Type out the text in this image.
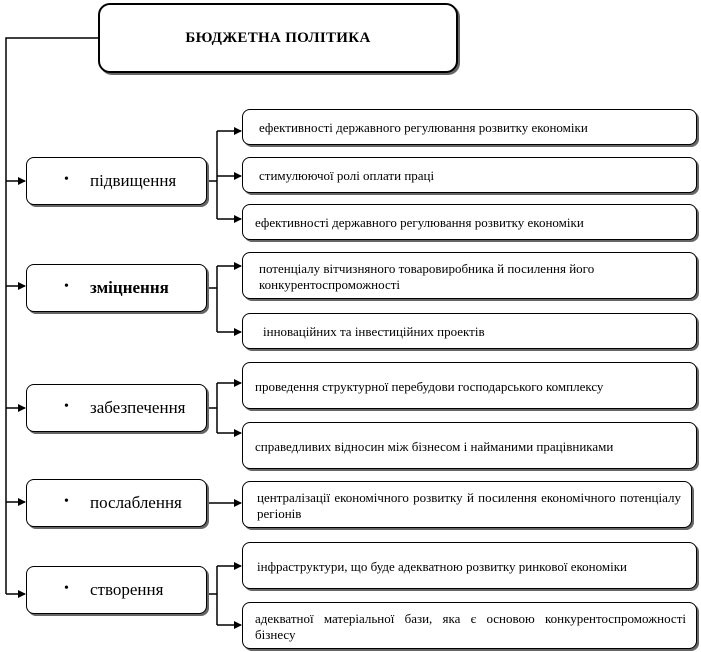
БЮДЖЕТНА ПОЛІТИКА
•	підвищення
•	зміцнення
•	забезпечення
•	послаблення
•	створення
ефективності державного регулювання розвитку економіки
стимулюючої ролі оплати праці
ефективності державного регулювання розвитку економіки
потенціалу вітчизняного товаровиробника й посилення його конкурентоспроможності
інноваційних та інвестиційних проектів
проведення структурної перебудови господарського комплексу
справедливих відносин між бізнесом і найманими працівниками
централізації економічного розвитку й посилення економічного потенціалу регіонів
інфраструктури, що буде адекватною розвитку ринкової економіки
адекватної матеріальної бази, яка є основою конкурентоспроможності бізнесу
